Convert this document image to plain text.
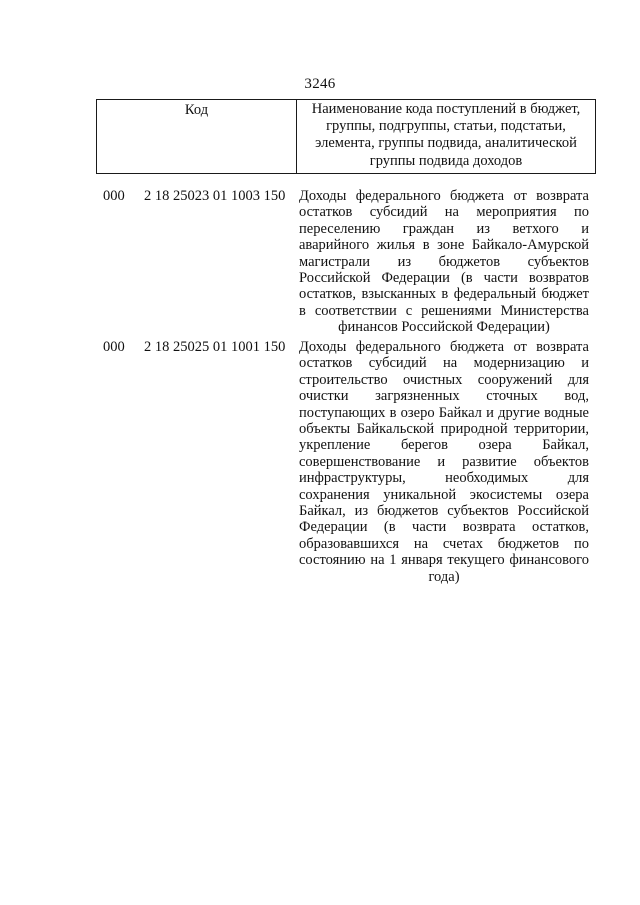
3246
Код	Наименование кода поступлений в бюджет, группы, подгруппы, статьи, подстатьи, элемента, группы подвида, аналитической группы подвида доходов
000 2 18 25023 01 1003 150 Доходы федерального бюджета от возврата
остатков субсидий на мероприятия по
переселению граждан из ветхого и
аварийного жилья в зоне Байкало-Амурской
магистрали из бюджетов субъектов
Российской Федерации (в части возвратов
остатков, взысканных в федеральный бюджет
в соответствии с решениями Министерства
финансов Российской Федерации)
000 2 18 25025 01 1001 150 Доходы федерального бюджета от возврата
остатков субсидий на модернизацию и
строительство очистных сооружений для
очистки загрязненных сточных вод,
поступающих в озеро Байкал и другие водные
объекты Байкальской природной территории,
укрепление берегов озера Байкал,
совершенствование и развитие объектов
инфраструктуры, необходимых для
сохранения уникальной экосистемы озера
Байкал, из бюджетов субъектов Российской
Федерации (в части возврата остатков,
образовавшихся на счетах бюджетов по
состоянию на 1 января текущего финансового
года)
